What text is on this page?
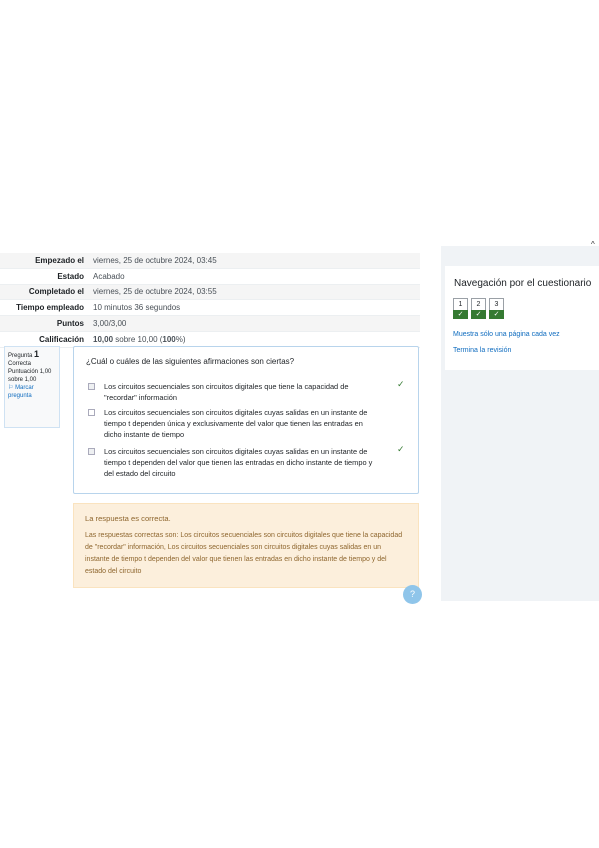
^
Navegación por el cuestionario
1
✓
2
✓
3
✓
Muestra sólo una página cada vez
Termina la revisión
Empezado el	viernes, 25 de octubre 2024, 03:45
Estado	Acabado
Completado el	viernes, 25 de octubre 2024, 03:55
Tiempo empleado	10 minutos 36 segundos
Puntos	3,00/3,00
Calificación	10,00 sobre 10,00 (100%)
Pregunta 1
Correcta
Puntuación 1,00 sobre 1,00
⚐ Marcar pregunta
¿Cuál o cuáles de las siguientes afirmaciones son ciertas?
Los circuitos secuenciales son circuitos digitales que tiene la capacidad de "recordar" información
✓
Los circuitos secuenciales son circuitos digitales cuyas salidas en un instante de tiempo t dependen única y exclusivamente del valor que tienen las entradas en dicho instante de tiempo
Los circuitos secuenciales son circuitos digitales cuyas salidas en un instante de tiempo t dependen del valor que tienen las entradas en dicho instante de tiempo y del estado del circuito
✓
La respuesta es correcta.
Las respuestas correctas son: Los circuitos secuenciales son circuitos digitales que tiene la capacidad de "recordar" información, Los circuitos secuenciales son circuitos digitales cuyas salidas en un instante de tiempo t dependen del valor que tienen las entradas en dicho instante de tiempo y del estado del circuito
?
